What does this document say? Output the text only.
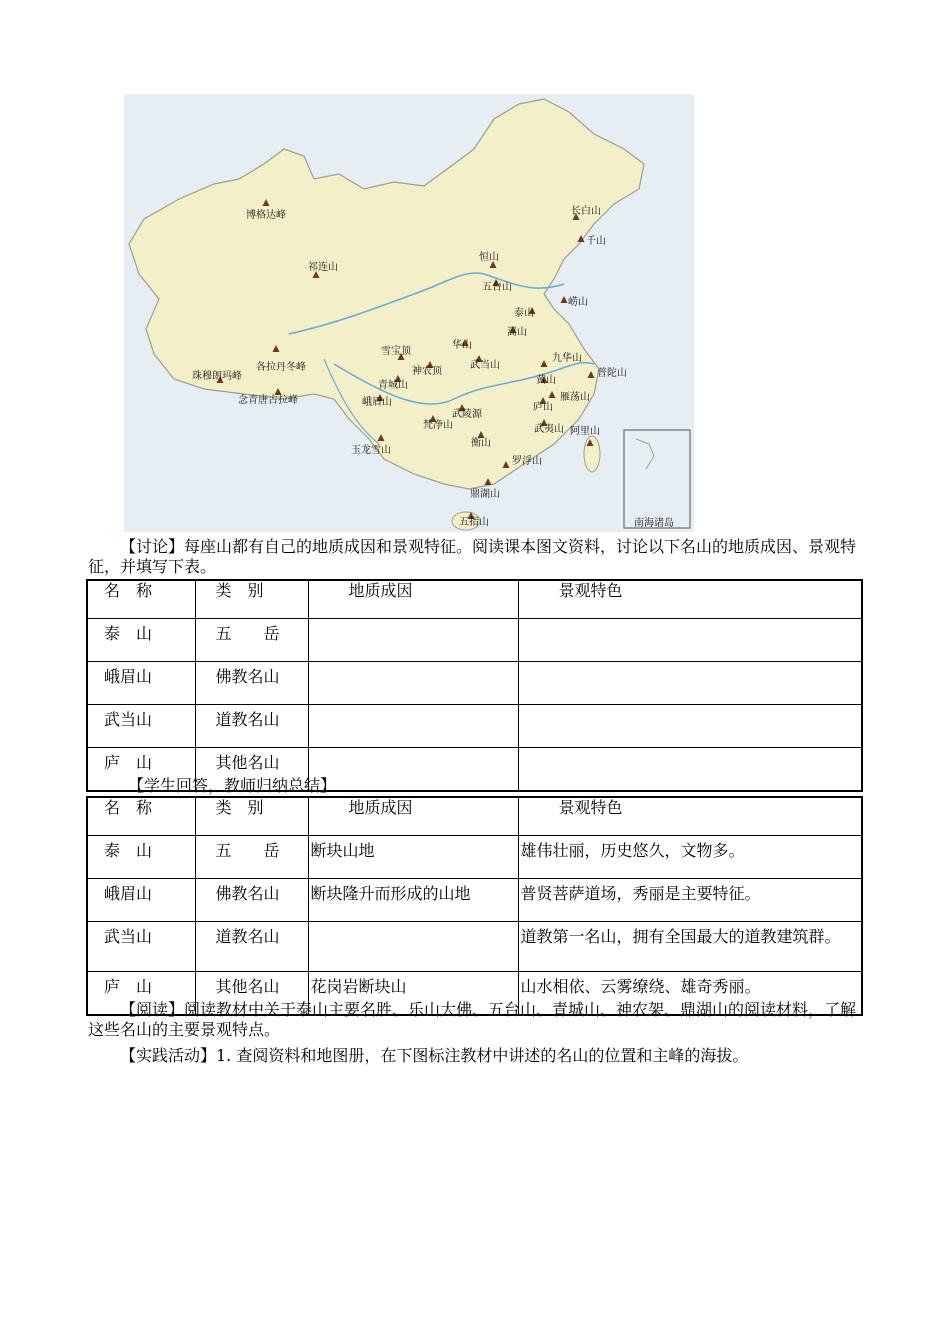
南海诸岛
博格达峰	长白山
千山
祁连山
恒山
五台山
崂山
泰山
嵩山
华山
各拉丹冬峰
雪宝顶
神农顶
武当山
九华山
普陀山
黄山
珠穆朗玛峰
念青唐古拉峰
青城山
峨眉山
武陵源
庐山
雁荡山
梵净山
衡山
武夷山
玉龙雪山
阿里山
罗浮山
鼎湖山
五指山

【讨论】每座山都有自己的地质成因和景观特征。阅读课本图文资料，讨论以下名山的地质成因、景观特征，并填写下表。

名　称	类　别	地质成因	景观特色
泰　山	五　　岳		
峨眉山	佛教名山		
武当山	道教名山		
庐　山	其他名山		

【学生回答，教师归纳总结】

名　称	类　别	地质成因	景观特色
泰　山	五　　岳	断块山地	雄伟壮丽，历史悠久，文物多。
峨眉山	佛教名山	断块隆升而形成的山地	普贤菩萨道场，秀丽是主要特征。
武当山	道教名山		道教第一名山，拥有全国最大的道教建筑群。
庐　山	其他名山	花岗岩断块山	山水相依、云雾缭绕、雄奇秀丽。

【阅读】阅读教材中关于泰山主要名胜、乐山大佛、五台山、青城山、神农架、鼎湖山的阅读材料，了解这些名山的主要景观特点。

【实践活动】1. 查阅资料和地图册，在下图标注教材中讲述的名山的位置和主峰的海拔。
